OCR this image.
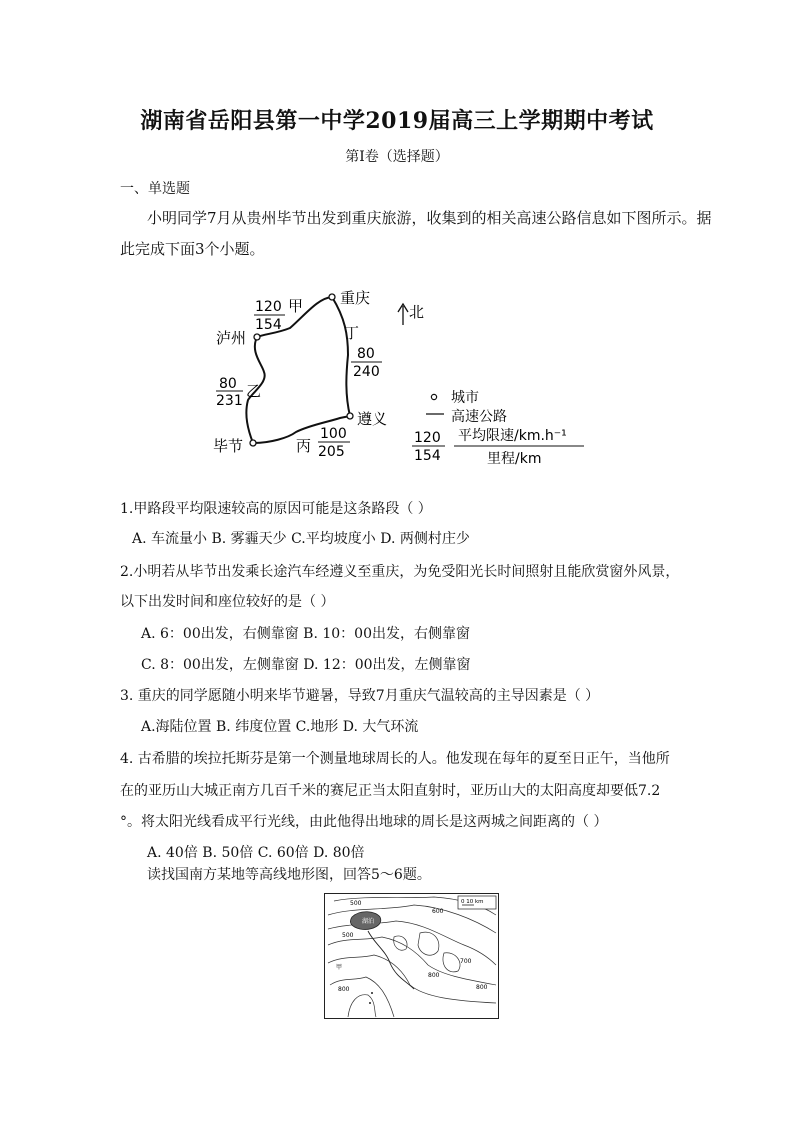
湖南省岳阳县第一中学2019届高三上学期期中考试
第I卷（选择题）
一、单选题
小明同学7月从贵州毕节出发到重庆旅游，收集到的相关高速公路信息如下图所示。据
此完成下面3个小题。
重庆
泸州
遵义
毕节
120
154
甲
丁
80
240
80
231
乙
丙
100
205
北
城市
高速公路
120
154
平均限速/km.h⁻¹
里程/km
1.甲路段平均限速较高的原因可能是这条路段（ ）
A. 车流量小 B. 雾霾天少 C.平均坡度小 D. 两侧村庄少
2.小明若从毕节出发乘长途汽车经遵义至重庆，为免受阳光长时间照射且能欣赏窗外风景，
以下出发时间和座位较好的是（ ）
A. 6：00出发，右侧靠窗 B. 10：00出发，右侧靠窗
C. 8：00出发，左侧靠窗 D. 12：00出发，左侧靠窗
3. 重庆的同学愿随小明来毕节避暑，导致7月重庆气温较高的主导因素是（ ）
A.海陆位置 B. 纬度位置 C.地形 D. 大气环流
4. 古希腊的埃拉托斯芬是第一个测量地球周长的人。他发现在每年的夏至日正午，当他所
在的亚历山大城正南方几百千米的赛尼正当太阳直射时，亚历山大的太阳高度却要低7.2
°。将太阳光线看成平行光线，由此他得出地球的周长是这两城之间距离的（ ）
A. 40倍 B. 50倍 C. 60倍 D. 80倍
读找国南方某地等高线地形图，回答5～6题。
湖泊
0 10 km
500
600
700
800
800
800
500
甲
